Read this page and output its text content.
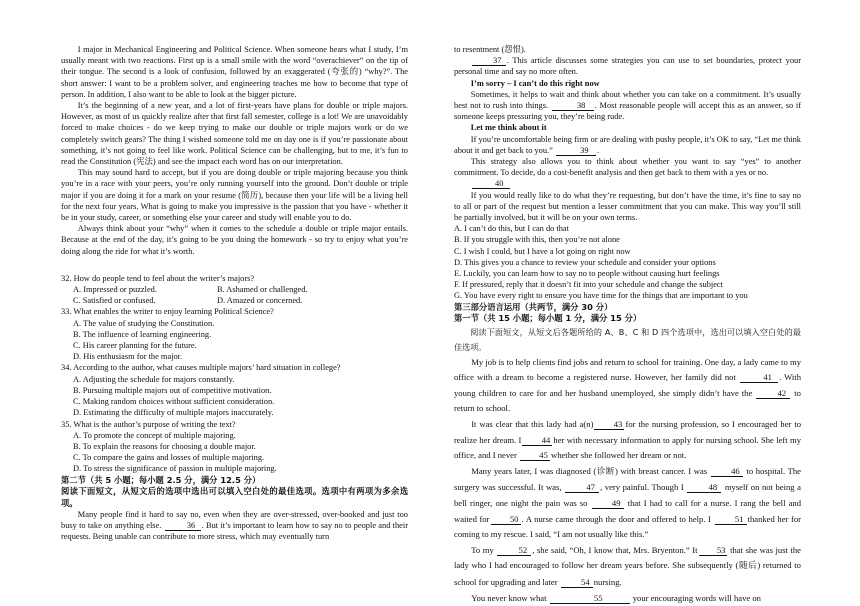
I major in Mechanical Engineering and Political Science. When someone hears what I study, I’m usually meant with two reactions. First up is a small smile with the word “overachiever” on the tip of their tongue. The second is a look of confusion, followed by an exaggerated (夸张的) “why?”. The short answer: I want to be a problem solver, and engineering teaches me how to become that type of person. In addition, I also want to be able to look at the bigger picture.

It’s the beginning of a new year, and a lot of first-years have plans for double or triple majors. However, as most of us quickly realize after that first fall semester, college is a lot! We are unavoidably forced to make choices - do we keep trying to make our double or triple majors work or do we completely switch gears? The thing I wished someone told me on day one is if you’re passionate about something, it’s not going to feel like work. Political Science can be challenging, but to me, it’s fun to read the Constitution (宪法) and see the impact each word has on our interpretation.

This may sound hard to accept, but if you are doing double or triple majoring because you think you’re in a race with your peers, you’re only running yourself into the ground. Don’t double or triple major if you are doing it for a mark on your resume (简历), because then your life will be a living hell for the next four years. What is going to make you impressive is the passion that you have - whether it be in your study, career, or something else your career and study will enable you to do.

Always think about your “why” when it comes to the schedule a double or triple major entails. Because at the end of the day, it’s going to be you doing the homework - so try to enjoy what you’re doing along the ride for what it’s worth.

32. How do people tend to feel about the writer’s majors?

A. Impressed or puzzled.	B. Ashamed or challenged.
C. Satisfied or confused.	D. Amazed or concerned.

33. What enables the writer to enjoy learning Political Science?

A. The value of studying the Constitution.

B. The influence of learning engineering.

C. His career planning for the future.

D. His enthusiasm for the major.

34. According to the author, what causes multiple majors’ hard situation in college?

A. Adjusting the schedule for majors constantly.

B. Pursuing multiple majors out of competitive motivation.

C. Making random choices without sufficient consideration.

D. Estimating the difficulty of multiple majors inaccurately.

35. What is the author’s purpose of writing the text?

A. To promote the concept of multiple majoring.

B. To explain the reasons for choosing a double major.

C. To compare the gains and losses of multiple majoring.

D. To stress the significance of passion in multiple majoring.

第二节（共 5 小题；每小题 2.5 分，满分 12.5 分）

阅读下面短文，从短文后的选项中选出可以填入空白处的最佳选项。选项中有两项为多余选项。

Many people find it hard to say no, even when they are over-stressed, over-booked and just too busy to take on anything else.	36 . But it’s important to learn how to say no to people and their requests. Being unable can contribute to more stress, which may eventually turn

to resentment (怨恨).

37 . This article discusses some strategies you can use to set boundaries, protect your personal time and say no more often.

I’m sorry – I can’t do this right now

Sometimes, it helps to wait and think about whether you can take on a commitment. It’s usually best not to rush into things.	38 . Most reasonable people will accept this as an answer, so if someone keeps pressuring you, they’re being rude.

Let me think about it

If you’re uncomfortable being firm or are dealing with pushy people, it’s OK to say, “Let me think about it and get back to you.”	39 .

This strategy also allows you to think about whether you want to say “yes” to another commitment. To decide, do a cost-benefit analysis and then get back to them with a yes or no.

40

If you would really like to do what they’re requesting, but don’t have the time, it’s fine to say no to all or part of the request but mention a lesser commitment that you can make. This way you’ll still be partially involved, but it will be on your own terms.

A. I can’t do this, but I can do that

B. If you struggle with this, then you’re not alone

C. I wish I could, but I have a lot going on right now

D. This gives you a chance to review your schedule and consider your options

E. Luckily, you can learn how to say no to people without causing hurt feelings

F. If pressured, reply that it doesn’t fit into your schedule and change the subject

G. You have every right to ensure you have time for the things that are important to you

第三部分语言运用（共两节，满分 30 分）

第一节（共 15 小题；每小题 1 分，满分 15 分）

阅读下面短文，从短文后各题所给的 A、B、C 和 D 四个选项中，选出可以填入空白处的最佳选项。

My job is to help clients find jobs and return to school for training. One day, a lady came to my office with a dream to become a registered nurse. However, her family did not	41 . With young children to care for and her husband unemployed, she simply didn’t have the	42 to return to school.

It was clear that this lady had a(n) 43 for the nursing profession, so I encouraged her to realize her dream. I 44 her with necessary information to apply for nursing school. She left my office, and I never 45 whether she followed her dream or not.

Many years later, I was diagnosed (诊断) with breast cancer. I was 46 to hospital. The surgery was successful. It was,	47 , very painful. Though I	48 myself on not being a bell ringer, one night the pain was so 49 that I had to call for a nurse. I rang the bell and waited for 50 . A nurse came through the door and offered to help. I 51 thanked her for coming to my rescue. I said, “I am not usually like this.”

To my	52 , she said, “Oh, I know that, Mrs. Bryenton.” It 53 that she was just the lady who I had encouraged to follow her dream years before. She subsequently (随后) returned to school for upgrading and later 54 nursing.

You never know what	55	your encouraging words will have on
